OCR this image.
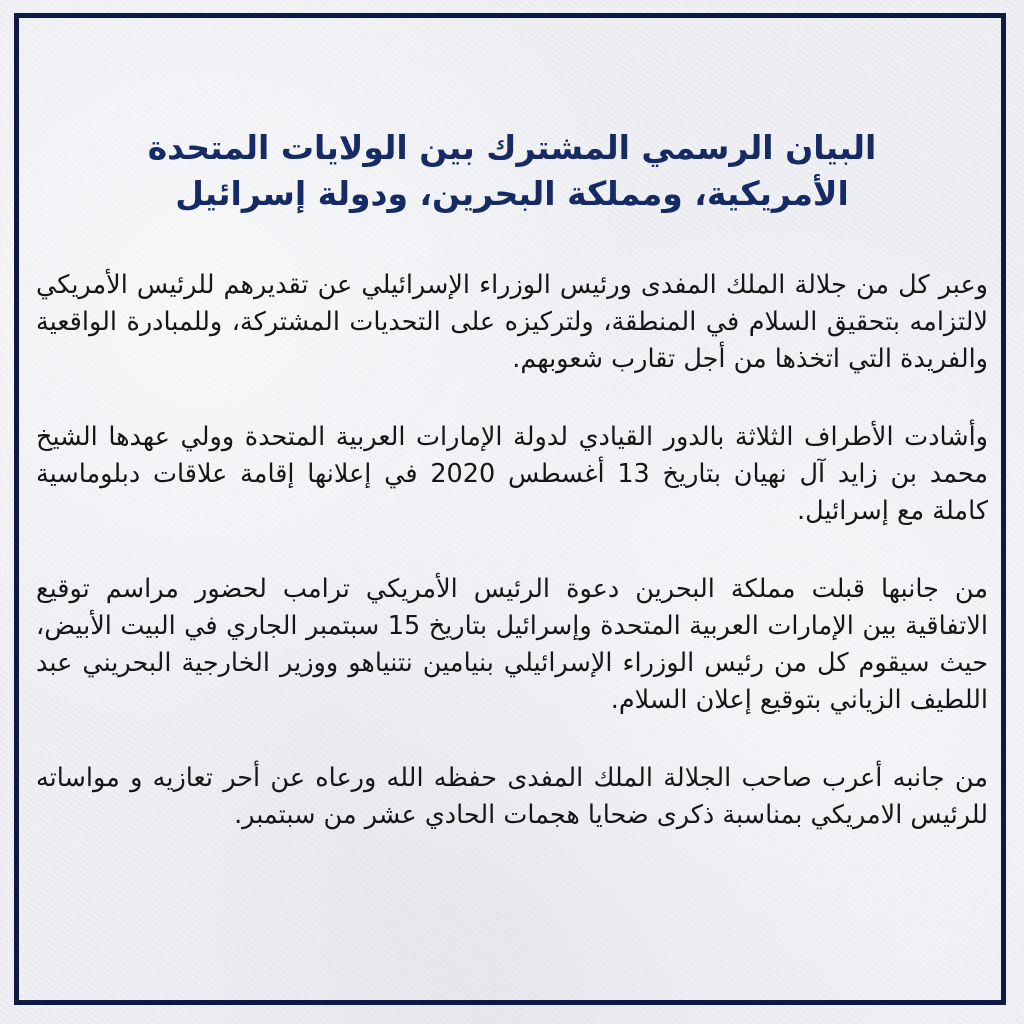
البيان الرسمي المشترك بين الولايات المتحدة
الأمريكية، ومملكة البحرين، ودولة إسرائيل

وعبر كل من جلالة الملك المفدى ورئيس الوزراء الإسرائيلي عن تقديرهم للرئيس الأمريكي لالتزامه بتحقيق السلام في المنطقة، ولتركيزه على التحديات المشتركة، وللمبادرة الواقعية والفريدة التي اتخذها من أجل تقارب شعوبهم.

وأشادت الأطراف الثلاثة بالدور القيادي لدولة الإمارات العربية المتحدة وولي عهدها الشيخ محمد بن زايد آل نهيان بتاريخ 13 أغسطس 2020 في إعلانها إقامة علاقات دبلوماسية كاملة مع إسرائيل.

من جانبها قبلت مملكة البحرين دعوة الرئيس الأمريكي ترامب لحضور مراسم توقيع الاتفاقية بين الإمارات العربية المتحدة وإسرائيل بتاريخ 15 سبتمبر الجاري في البيت الأبيض، حيث سيقوم كل من رئيس الوزراء الإسرائيلي بنيامين نتنياهو ووزير الخارجية البحريني عبد اللطيف الزياني بتوقيع إعلان السلام.

من جانبه أعرب صاحب الجلالة الملك المفدى حفظه الله ورعاه عن أحر تعازيه و مواساته للرئيس الامريكي بمناسبة ذكرى ضحايا هجمات الحادي عشر من سبتمبر.
